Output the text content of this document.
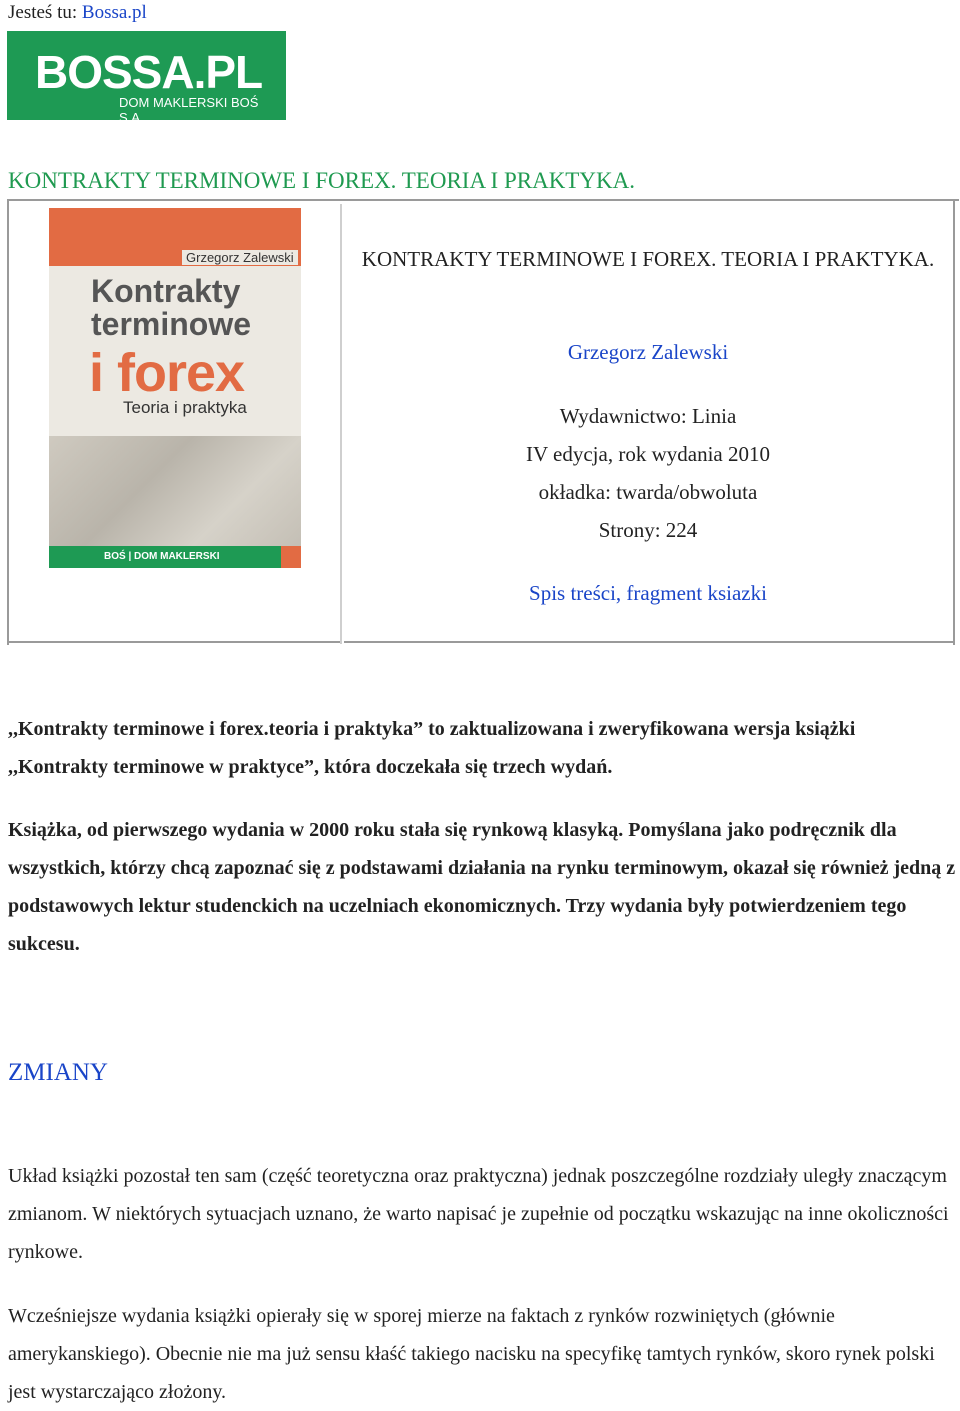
Jesteś tu: Bossa.pl
BOSSA.PL
DOM MAKLERSKI BOŚ S.A.
KONTRAKTY TERMINOWE I FOREX. TEORIA I PRAKTYKA.
Grzegorz Zalewski
Kontrakty
terminowe
i forex
Teoria i praktyka
BOŚ | DOM MAKLERSKI
KONTRAKTY TERMINOWE I FOREX. TEORIA I PRAKTYKA.
Grzegorz Zalewski
Wydawnictwo: Linia
IV edycja, rok wydania 2010
okładka: twarda/obwoluta
Strony: 224
Spis treści, fragment ksiazki
,,Kontrakty terminowe i forex.teoria i praktyka” to zaktualizowana i zweryfikowana wersja książki ,,Kontrakty terminowe w praktyce”, która doczekała się trzech wydań.
Książka, od pierwszego wydania w 2000 roku stała się rynkową klasyką. Pomyślana jako podręcznik dla wszystkich, którzy chcą zapoznać się z podstawami działania na rynku terminowym, okazał się również jedną z podstawowych lektur studenckich na uczelniach ekonomicznych. Trzy wydania były potwierdzeniem tego sukcesu.
ZMIANY
Układ książki pozostał ten sam (część teoretyczna oraz praktyczna) jednak poszczególne rozdziały uległy znaczącym zmianom. W niektórych sytuacjach uznano, że warto napisać je zupełnie od początku wskazując na inne okoliczności rynkowe.
Wcześniejsze wydania książki opierały się w sporej mierze na faktach z rynków rozwiniętych (głównie amerykanskiego). Obecnie nie ma już sensu kłaść takiego nacisku na specyfikę tamtych rynków, skoro rynek polski jest wystarczająco złożony.
